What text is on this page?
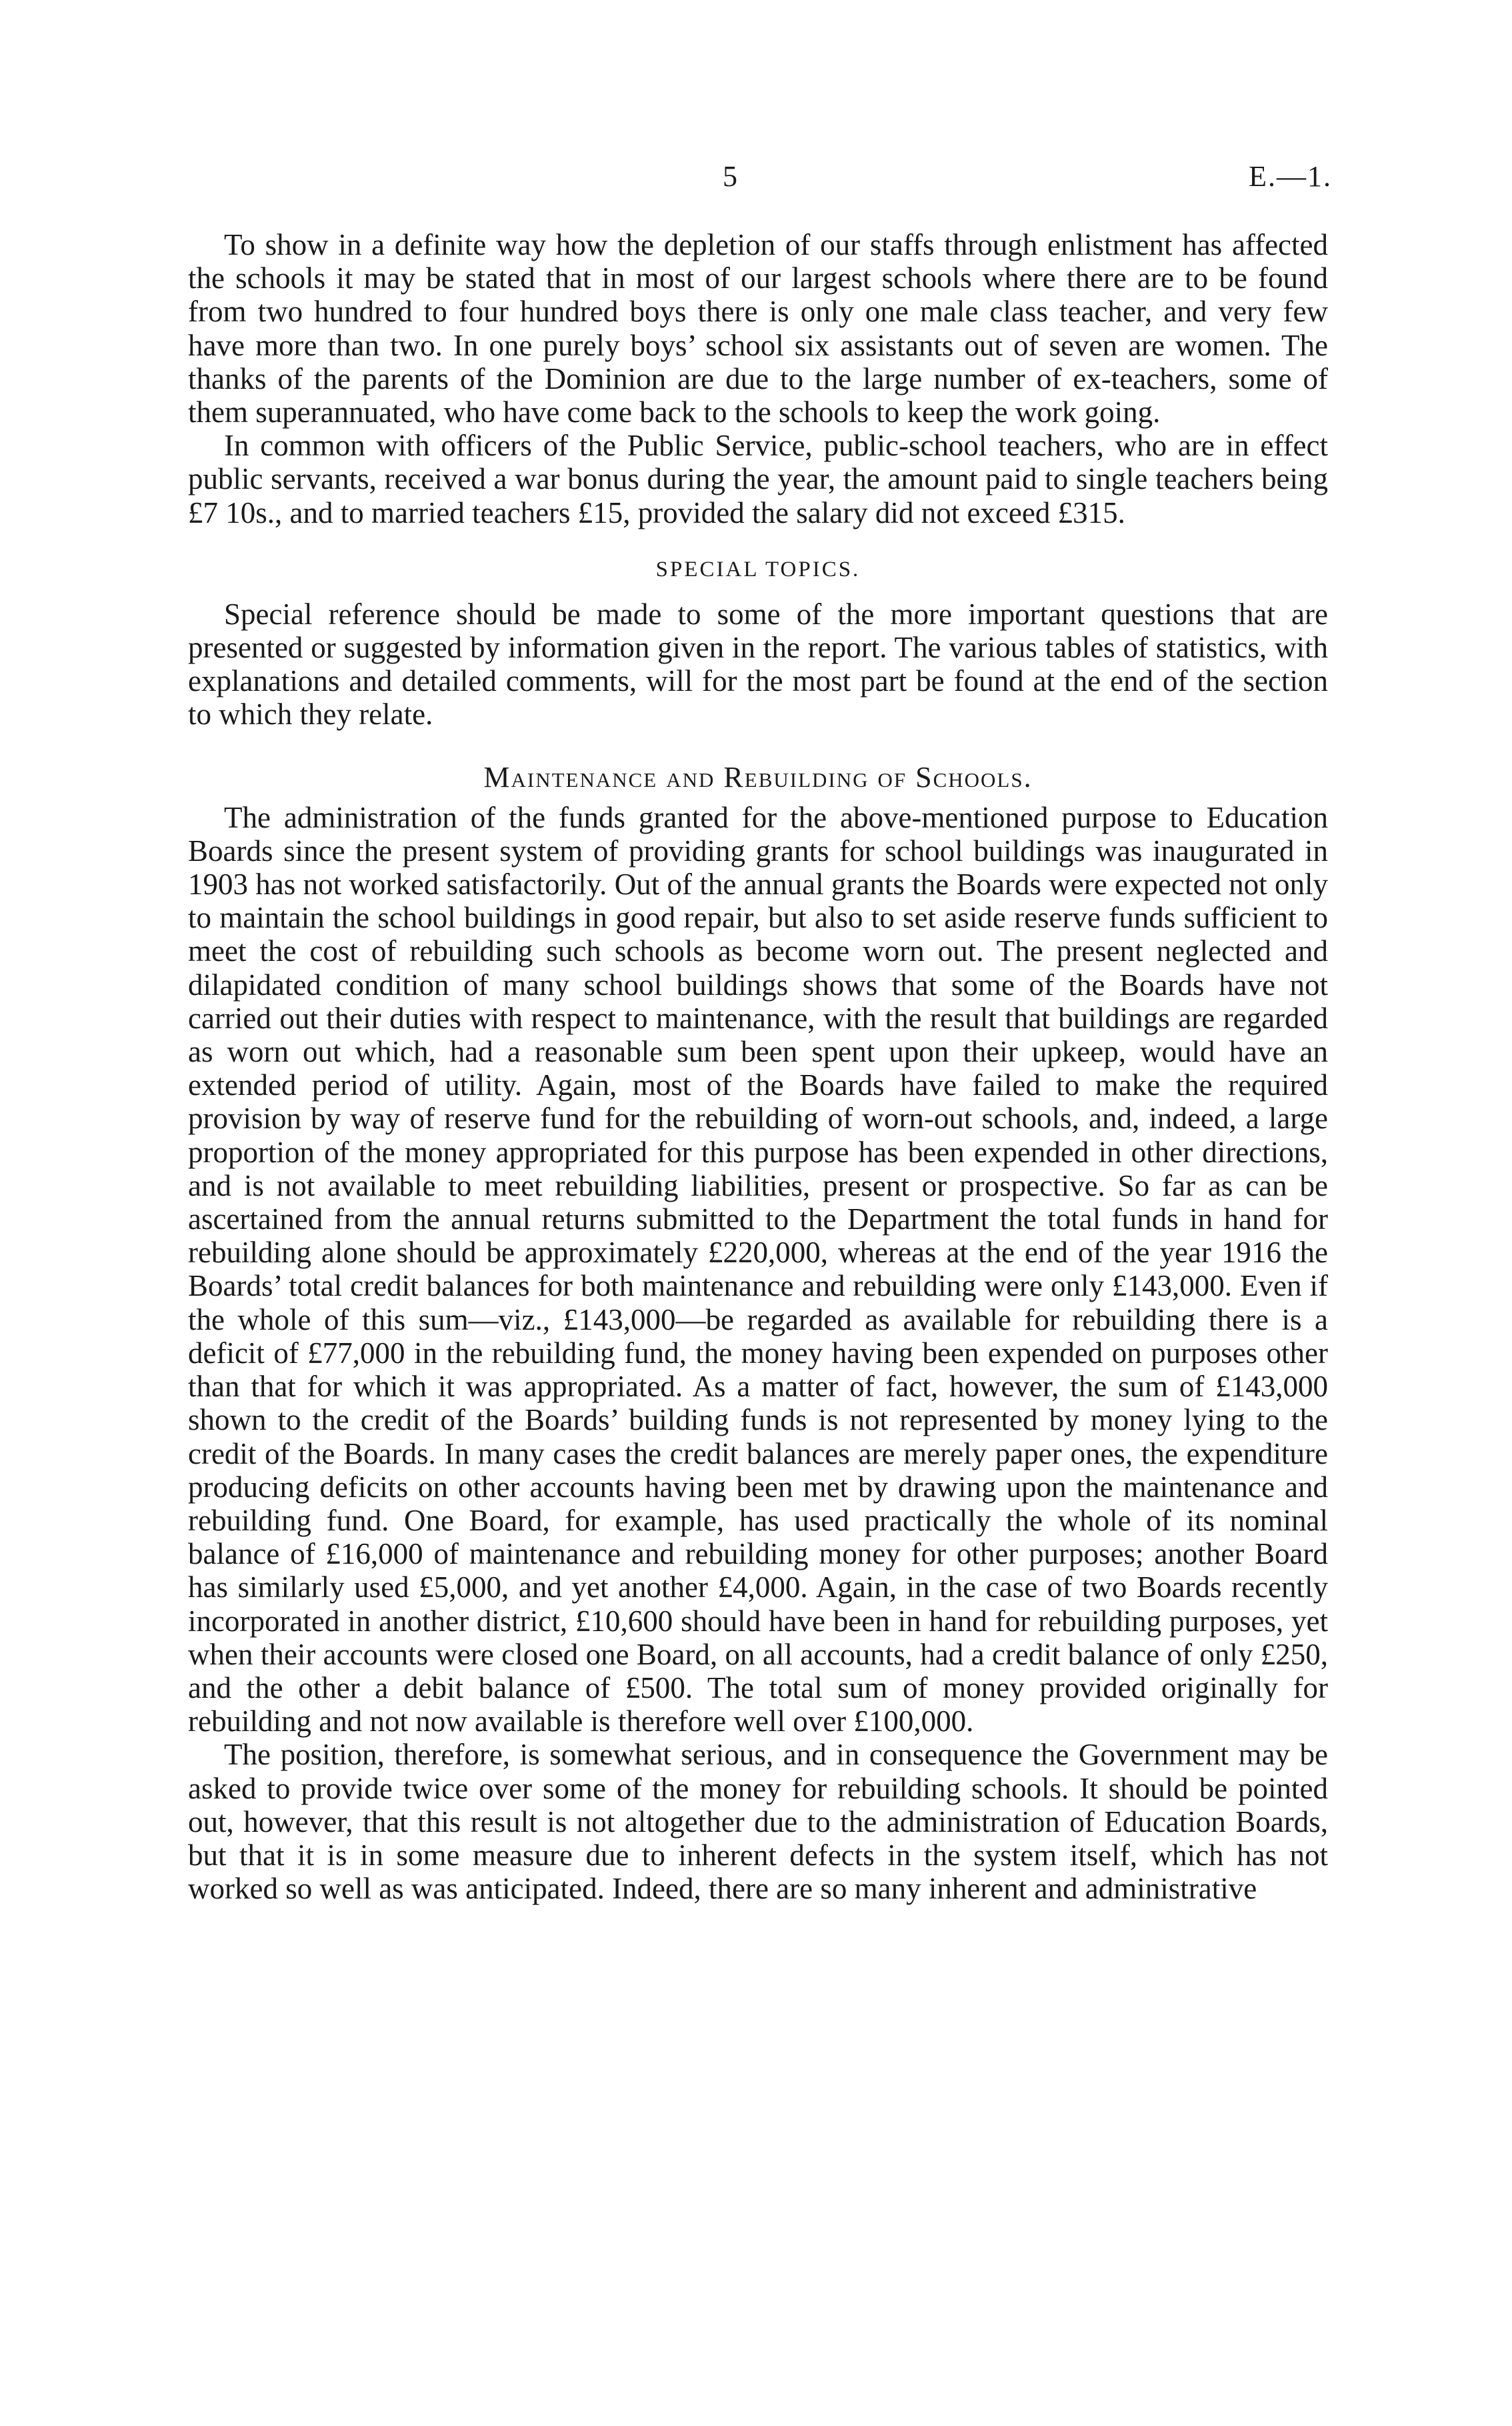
5	E.—1.

To show in a definite way how the depletion of our staffs through enlistment has affected the schools it may be stated that in most of our largest schools where there are to be found from two hundred to four hundred boys there is only one male class teacher, and very few have more than two. In one purely boys’ school six assistants out of seven are women. The thanks of the parents of the Dominion are due to the large number of ex-teachers, some of them superannuated, who have come back to the schools to keep the work going.

In common with officers of the Public Service, public-school teachers, who are in effect public servants, received a war bonus during the year, the amount paid to single teachers being £7 10s., and to married teachers £15, provided the salary did not exceed £315.

SPECIAL TOPICS.

Special reference should be made to some of the more important questions that are presented or suggested by information given in the report. The various tables of statistics, with explanations and detailed comments, will for the most part be found at the end of the section to which they relate.

Maintenance and Rebuilding of Schools.

The administration of the funds granted for the above-mentioned purpose to Education Boards since the present system of providing grants for school buildings was inaugurated in 1903 has not worked satisfactorily. Out of the annual grants the Boards were expected not only to maintain the school buildings in good repair, but also to set aside reserve funds sufficient to meet the cost of rebuilding such schools as become worn out. The present neglected and dilapidated condition of many school buildings shows that some of the Boards have not carried out their duties with respect to maintenance, with the result that buildings are regarded as worn out which, had a reasonable sum been spent upon their upkeep, would have an extended period of utility. Again, most of the Boards have failed to make the required provision by way of reserve fund for the rebuilding of worn-out schools, and, indeed, a large proportion of the money appropriated for this purpose has been expended in other directions, and is not available to meet rebuilding liabilities, present or prospective. So far as can be ascertained from the annual returns submitted to the Department the total funds in hand for rebuilding alone should be approximately £220,000, whereas at the end of the year 1916 the Boards’ total credit balances for both maintenance and rebuilding were only £143,000. Even if the whole of this sum—viz., £143,000—be regarded as available for rebuilding there is a deficit of £77,000 in the rebuilding fund, the money having been expended on purposes other than that for which it was appropriated. As a matter of fact, however, the sum of £143,000 shown to the credit of the Boards’ building funds is not represented by money lying to the credit of the Boards. In many cases the credit balances are merely paper ones, the expenditure producing deficits on other accounts having been met by drawing upon the maintenance and rebuilding fund. One Board, for example, has used practically the whole of its nominal balance of £16,000 of maintenance and rebuilding money for other purposes; another Board has similarly used £5,000, and yet another £4,000. Again, in the case of two Boards recently incorporated in another district, £10,600 should have been in hand for rebuilding purposes, yet when their accounts were closed one Board, on all accounts, had a credit balance of only £250, and the other a debit balance of £500. The total sum of money provided originally for rebuilding and not now available is therefore well over £100,000.

The position, therefore, is somewhat serious, and in consequence the Government may be asked to provide twice over some of the money for rebuilding schools. It should be pointed out, however, that this result is not altogether due to the administration of Education Boards, but that it is in some measure due to inherent defects in the system itself, which has not worked so well as was anticipated. Indeed, there are so many inherent and administrative
